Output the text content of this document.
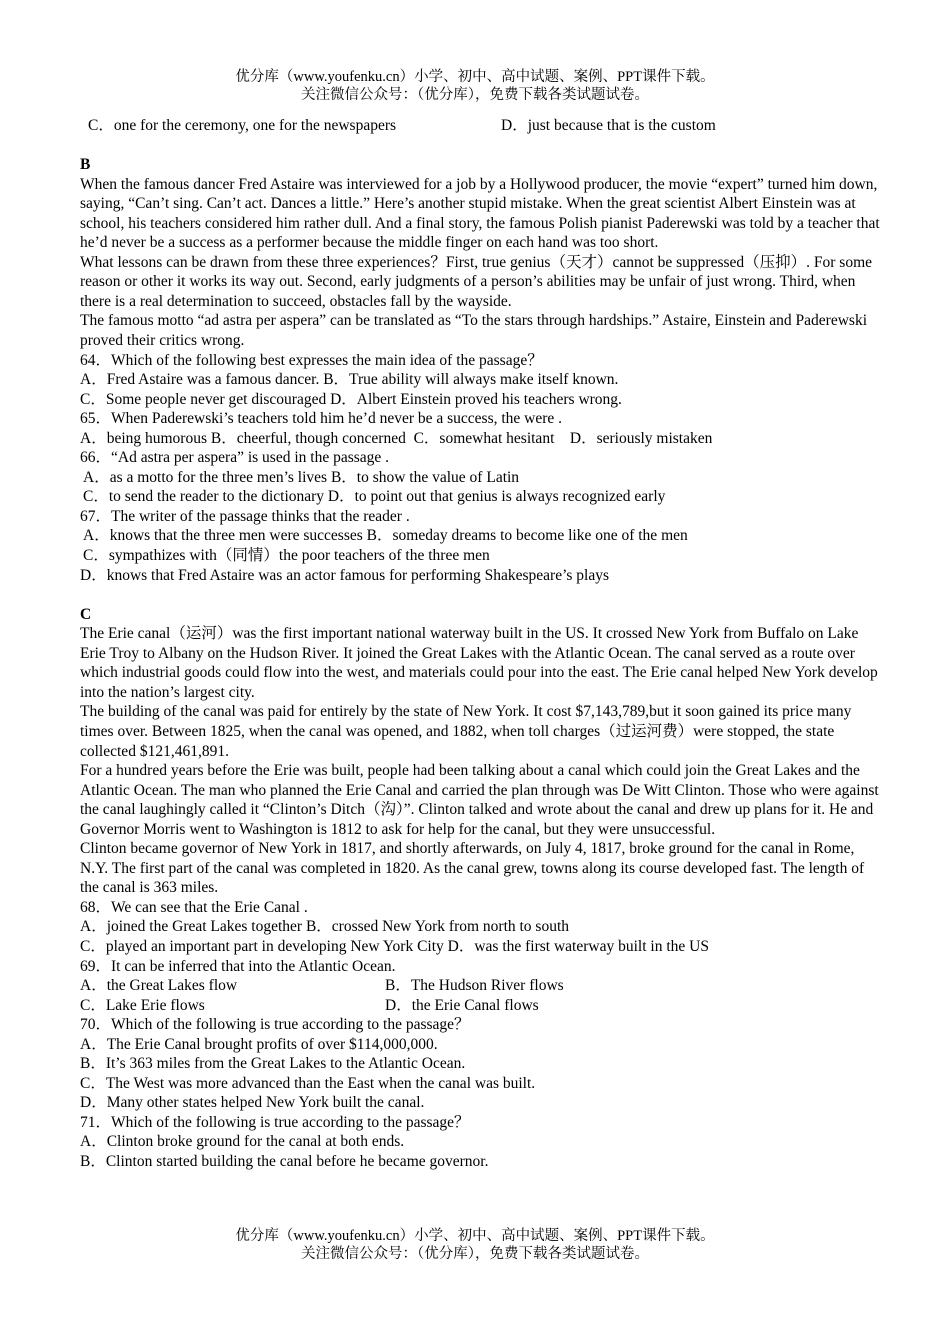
优分库（www.youfenku.cn）小学、初中、高中试题、案例、PPT课件下载。
关注微信公众号：（优分库），免费下载各类试题试卷。
C．one for the ceremony, one for the newspapers	D．just because that is the custom
B
When the famous dancer Fred Astaire was interviewed for a job by a Hollywood producer, the movie “expert” turned him down, saying, “Can’t sing. Can’t act. Dances a little.” Here’s another stupid mistake. When the great scientist Albert Einstein was at school, his teachers considered him rather dull. And a final story, the famous Polish pianist Paderewski was told by a teacher that he’d never be a success as a performer because the middle finger on each hand was too short.
What lessons can be drawn from these three experiences？First, true genius（天才）cannot be suppressed（压抑）. For some reason or other it works its way out. Second, early judgments of a person’s abilities may be unfair of just wrong. Third, when there is a real determination to succeed, obstacles fall by the wayside.
The famous motto “ad astra per aspera” can be translated as “To the stars through hardships.” Astaire, Einstein and Paderewski proved their critics wrong.
64．Which of the following best expresses the main idea of the passage？
A．Fred Astaire was a famous dancer. B．True ability will always make itself known.
C．Some people never get discouraged D．Albert Einstein proved his teachers wrong.
65．When Paderewski’s teachers told him he’d never be a success, the were .
A．being humorous B．cheerful, though concerned  C．somewhat hesitant    D．seriously mistaken
66．“Ad astra per aspera” is used in the passage .
A．as a motto for the three men’s lives B．to show the value of Latin
C．to send the reader to the dictionary D．to point out that genius is always recognized early
67．The writer of the passage thinks that the reader .
A．knows that the three men were successes B．someday dreams to become like one of the men
C．sympathizes with（同情）the poor teachers of the three men
D．knows that Fred Astaire was an actor famous for performing Shakespeare’s plays
C
The Erie canal（运河）was the first important national waterway built in the US. It crossed New York from Buffalo on Lake Erie Troy to Albany on the Hudson River. It joined the Great Lakes with the Atlantic Ocean. The canal served as a route over which industrial goods could flow into the west, and materials could pour into the east. The Erie canal helped New York develop into the nation’s largest city.
The building of the canal was paid for entirely by the state of New York. It cost $7,143,789,but it soon gained its price many times over. Between 1825, when the canal was opened, and 1882, when toll charges（过运河费）were stopped, the state collected $121,461,891.
For a hundred years before the Erie was built, people had been talking about a canal which could join the Great Lakes and the Atlantic Ocean. The man who planned the Erie Canal and carried the plan through was De Witt Clinton. Those who were against the canal laughingly called it “Clinton’s Ditch（沟）”. Clinton talked and wrote about the canal and drew up plans for it. He and Governor Morris went to Washington is 1812 to ask for help for the canal, but they were unsuccessful.
Clinton became governor of New York in 1817, and shortly afterwards, on July 4, 1817, broke ground for the canal in Rome, N.Y. The first part of the canal was completed in 1820. As the canal grew, towns along its course developed fast. The length of the canal is 363 miles.
68．We can see that the Erie Canal .
A．joined the Great Lakes together B．crossed New York from north to south
C．played an important part in developing New York City D．was the first waterway built in the US
69．It can be inferred that into the Atlantic Ocean.
A．the Great Lakes flow	B．The Hudson River flows
C．Lake Erie flows	D．the Erie Canal flows
70．Which of the following is true according to the passage？
A．The Erie Canal brought profits of over $114,000,000.
B．It’s 363 miles from the Great Lakes to the Atlantic Ocean.
C．The West was more advanced than the East when the canal was built.
D．Many other states helped New York built the canal.
71．Which of the following is true according to the passage？
A．Clinton broke ground for the canal at both ends.
B．Clinton started building the canal before he became governor.
优分库（www.youfenku.cn）小学、初中、高中试题、案例、PPT课件下载。
关注微信公众号：（优分库），免费下载各类试题试卷。
